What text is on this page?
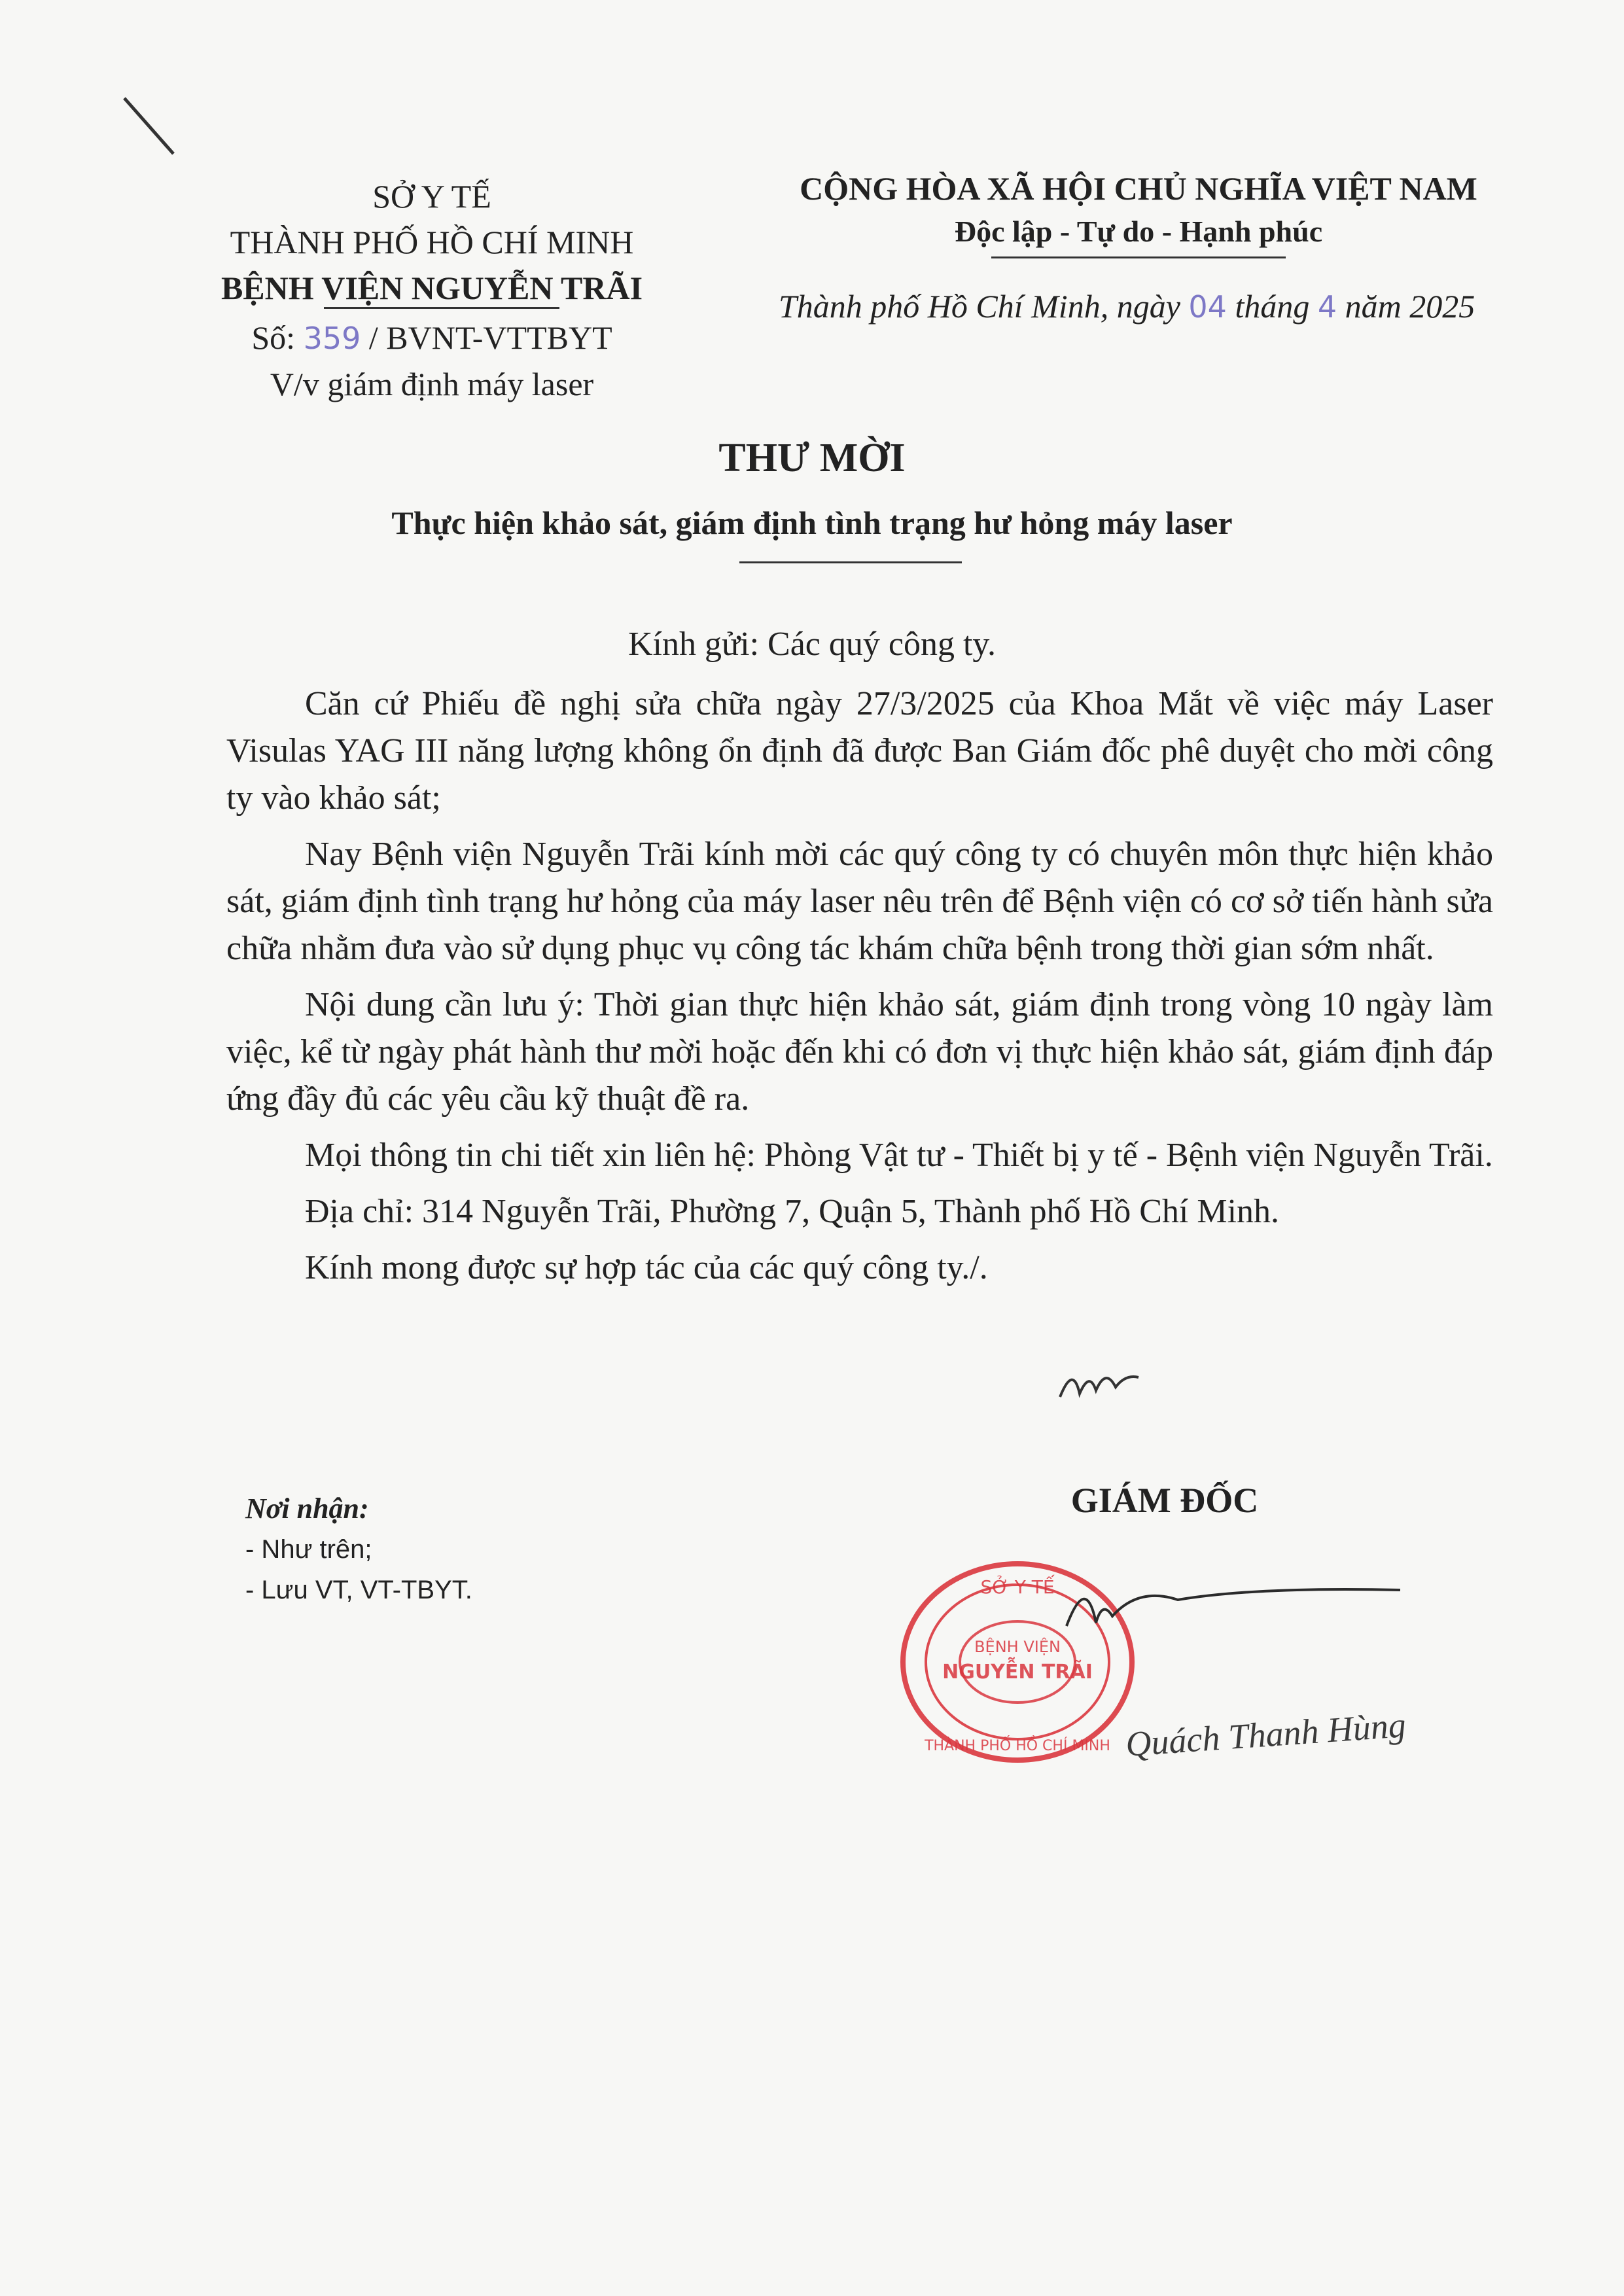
SỞ Y TẾ
THÀNH PHỐ HỒ CHÍ MINH
BỆNH VIỆN NGUYỄN TRÃI
Số: 359 / BVNT-VTTBYT
V/v giám định máy laser
CỘNG HÒA XÃ HỘI CHỦ NGHĨA VIỆT NAM
Độc lập - Tự do - Hạnh phúc
Thành phố Hồ Chí Minh, ngày 04 tháng 4 năm 2025
THƯ MỜI
Thực hiện khảo sát, giám định tình trạng hư hỏng máy laser
Kính gửi: Các quý công ty.

Căn cứ Phiếu đề nghị sửa chữa ngày 27/3/2025 của Khoa Mắt về việc máy Laser Visulas YAG III năng lượng không ổn định đã được Ban Giám đốc phê duyệt cho mời công ty vào khảo sát;

Nay Bệnh viện Nguyễn Trãi kính mời các quý công ty có chuyên môn thực hiện khảo sát, giám định tình trạng hư hỏng của máy laser nêu trên để Bệnh viện có cơ sở tiến hành sửa chữa nhằm đưa vào sử dụng phục vụ công tác khám chữa bệnh trong thời gian sớm nhất.

Nội dung cần lưu ý: Thời gian thực hiện khảo sát, giám định trong vòng 10 ngày làm việc, kể từ ngày phát hành thư mời hoặc đến khi có đơn vị thực hiện khảo sát, giám định đáp ứng đầy đủ các yêu cầu kỹ thuật đề ra.

Mọi thông tin chi tiết xin liên hệ: Phòng Vật tư - Thiết bị y tế - Bệnh viện Nguyễn Trãi.

Địa chỉ: 314 Nguyễn Trãi, Phường 7, Quận 5, Thành phố Hồ Chí Minh.

Kính mong được sự hợp tác của các quý công ty./.

Nơi nhận:
- Như trên;
- Lưu VT, VT-TBYT.
GIÁM ĐỐC
SỞ Y TẾ
BỆNH VIỆN
NGUYỄN TRÃI
THÀNH PHỐ HỒ CHÍ MINH Quách Thanh Hùng
